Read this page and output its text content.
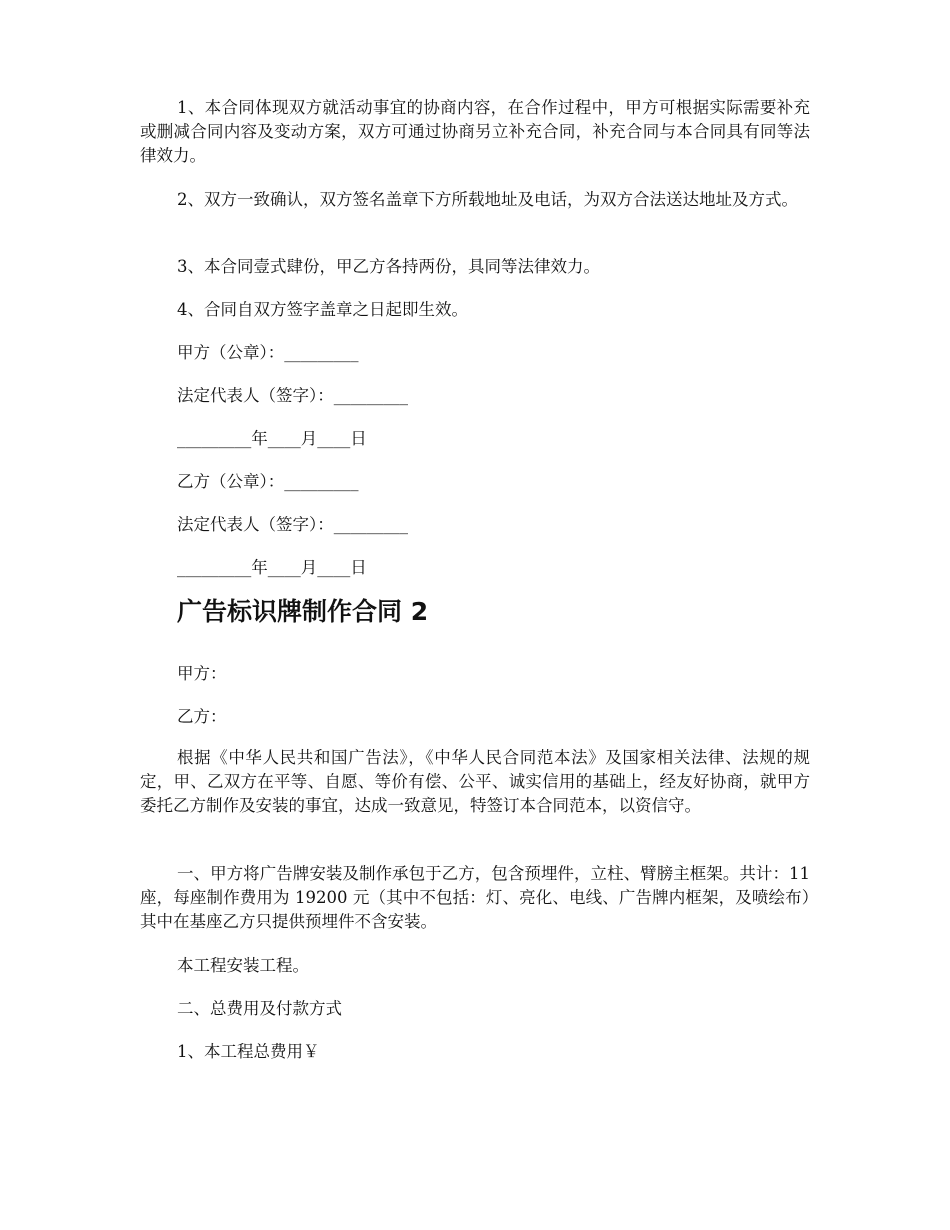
1、本合同体现双方就活动事宜的协商内容，在合作过程中，甲方可根据实际需要补充或删减合同内容及变动方案，双方可通过协商另立补充合同，补充合同与本合同具有同等法律效力。

2、双方一致确认，双方签名盖章下方所载地址及电话，为双方合法送达地址及方式。

3、本合同壹式肆份，甲乙方各持两份，具同等法律效力。

4、合同自双方签字盖章之日起即生效。

甲方（公章）：_________

法定代表人（签字）：_________

_________年____月____日

乙方（公章）：_________

法定代表人（签字）：_________

_________年____月____日

广告标识牌制作合同 2

甲方：

乙方：

根据《中华人民共和国广告法》，《中华人民合同范本法》及国家相关法律、法规的规定，甲、乙双方在平等、自愿、等价有偿、公平、诚实信用的基础上，经友好协商，就甲方委托乙方制作及安装的事宜，达成一致意见，特签订本合同范本，以资信守。

一、甲方将广告牌安装及制作承包于乙方，包含预埋件，立柱、臂膀主框架。共计：11 座，每座制作费用为 19200 元（其中不包括：灯、亮化、电线、广告牌内框架，及喷绘布）其中在基座乙方只提供预埋件不含安装。

本工程安装工程。

二、总费用及付款方式

1、本工程总费用￥
